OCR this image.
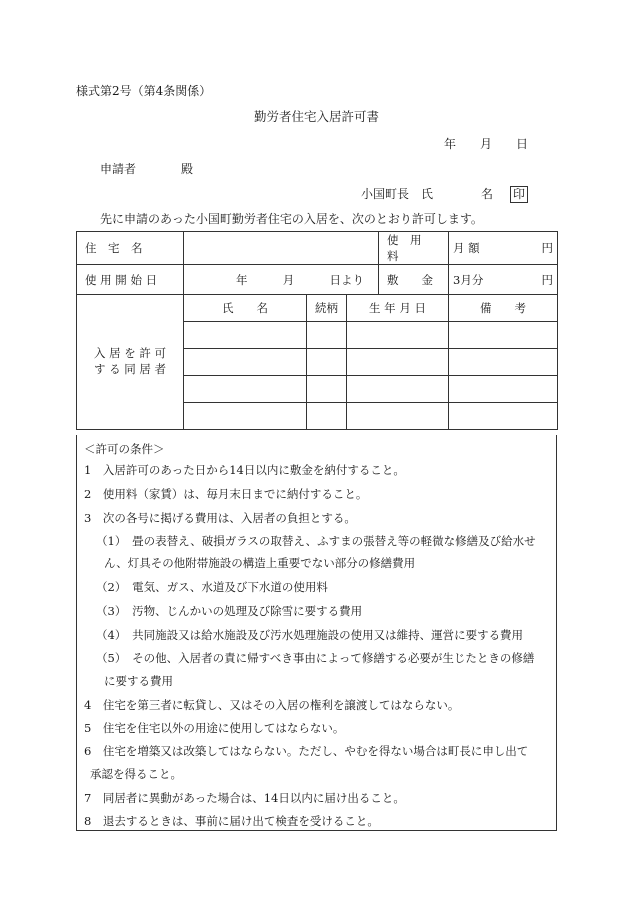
様式第2号（第4条関係）
勤労者住宅入居許可書
年 月 日
申請者	殿
小国町長　氏	名 印
先に申請のあった小国町勤労者住宅の入居を、次のとおり許可します。
住　宅　名				使　用　料	月 額 円

使 用 開 始 日	年 月 日より			敷　　金	3月分 円

入 居 を 許 可
す る 同 居 者	氏　　名	続柄	生 年 月 日		備　　考

＜許可の条件＞
1　入居許可のあった日から14日以内に敷金を納付すること。
2　使用料（家賃）は、毎月末日までに納付すること。
3　次の各号に掲げる費用は、入居者の負担とする。
（1）　畳の表替え、破損ガラスの取替え、ふすまの張替え等の軽微な修繕及び給水せ
ん、灯具その他附帯施設の構造上重要でない部分の修繕費用
（2）　電気、ガス、水道及び下水道の使用料
（3）　汚物、じんかいの処理及び除雪に要する費用
（4）　共同施設又は給水施設及び汚水処理施設の使用又は維持、運営に要する費用
（5）　その他、入居者の責に帰すべき事由によって修繕する必要が生じたときの修繕
に要する費用
4　住宅を第三者に転貸し、又はその入居の権利を譲渡してはならない。
5　住宅を住宅以外の用途に使用してはならない。
6　住宅を増築又は改築してはならない。ただし、やむを得ない場合は町長に申し出て
承認を得ること。
7　同居者に異動があった場合は、14日以内に届け出ること。
8　退去するときは、事前に届け出て検査を受けること。
